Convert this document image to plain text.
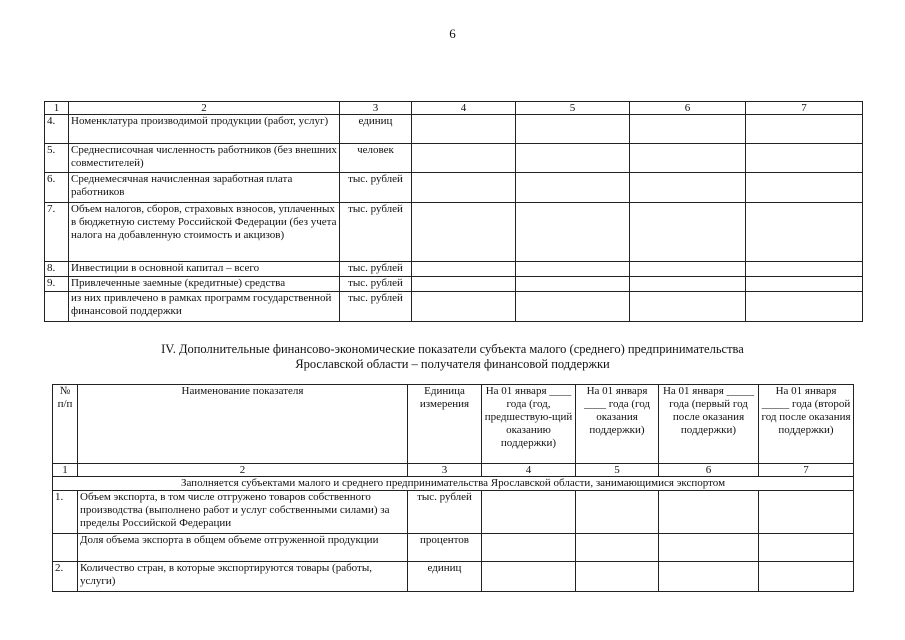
6
1	2	3	4	5	6	7
4.	Номенклатура производимой продукции (работ, услуг)	единиц				
5.	Среднесписочная численность работников (без внешних совместителей)	человек				
6.	Среднемесячная начисленная заработная плата работников	тыс. рублей				
7.	Объем налогов, сборов, страховых взносов, уплаченных в бюджетную систему Российской Федерации (без учета налога на добавленную стоимость и акцизов)	тыс. рублей				
8.	Инвестиции в основной капитал – всего	тыс. рублей				
9.	Привлеченные заемные (кредитные) средства	тыс. рублей				
	из них привлечено в рамках программ государственной финансовой поддержки	тыс. рублей				
IV. Дополнительные финансово-экономические показатели субъекта малого (среднего) предпринимательства
Ярославской области – получателя финансовой поддержки
№ п/п	Наименование показателя	Единица измерения	На 01 января ____ года (год, предшествую-щий оказанию поддержки)	На 01 января ____ года (год оказания поддержки)	На 01 января _____ года (первый год после оказания поддержки)	На 01 января _____ года (второй год после оказания поддержки)
1	2	3	4	5	6	7
Заполняется субъектами малого и среднего предпринимательства Ярославской области, занимающимися экспортом						
1.	Объем экспорта, в том числе отгружено товаров собственного производства (выполнено работ и услуг собственными силами) за пределы Российской Федерации	тыс. рублей				
	Доля объема экспорта в общем объеме отгруженной продукции	процентов				
2.	Количество стран, в которые экспортируются товары (работы, услуги)	единиц				
